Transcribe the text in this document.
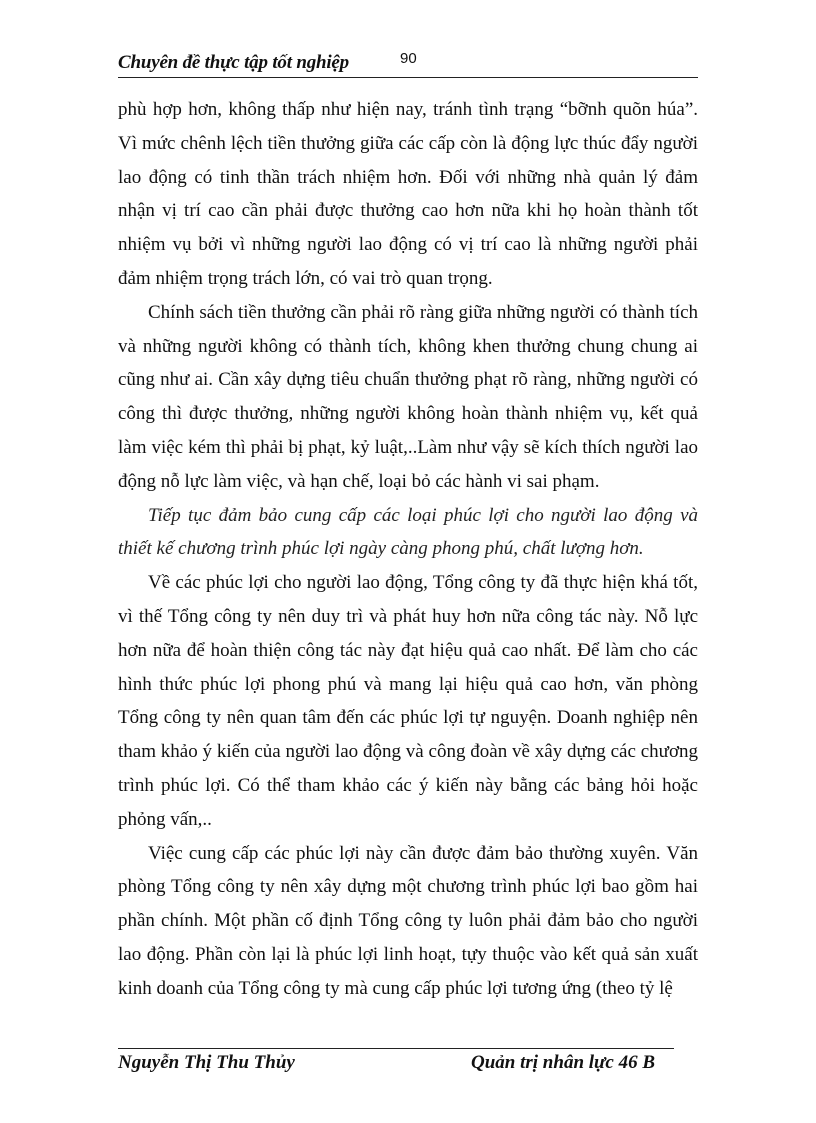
Chuyên đề thực tập tốt nghiệp	90

phù hợp hơn, không thấp như hiện nay, tránh tình trạng “bỡnh quõn húa”. Vì mức chênh lệch tiền thưởng giữa các cấp còn là động lực thúc đẩy người lao động có tinh thần trách nhiệm hơn. Đối với những nhà quản lý đảm nhận vị trí cao cần phải được thưởng cao hơn nữa khi họ hoàn thành tốt nhiệm vụ bởi vì những người lao động có vị trí cao là những người phải đảm nhiệm trọng trách lớn, có vai trò quan trọng.

Chính sách tiền thưởng cần phải rõ ràng giữa những người có thành tích và những người không có thành tích, không khen thưởng chung chung ai cũng như ai. Cần xây dựng tiêu chuẩn thưởng phạt rõ ràng, những người có công thì được thưởng, những người không hoàn thành nhiệm vụ, kết quả làm việc kém thì phải bị phạt, kỷ luật,..Làm như vậy sẽ kích thích người lao động nỗ lực làm việc, và hạn chế, loại bỏ các hành vi sai phạm.

Tiếp tục đảm bảo cung cấp các loại phúc lợi cho người lao động và thiết kế chương trình phúc lợi ngày càng phong phú, chất lượng hơn.

Về các phúc lợi cho người lao động, Tổng công ty đã thực hiện khá tốt, vì thế Tổng công ty nên duy trì và phát huy hơn nữa công tác này. Nỗ lực hơn nữa để hoàn thiện công tác này đạt hiệu quả cao nhất. Để làm cho các hình thức phúc lợi phong phú và mang lại hiệu quả cao hơn, văn phòng Tổng công ty nên quan tâm đến các phúc lợi tự nguyện. Doanh nghiệp nên tham khảo ý kiến của người lao động và công đoàn về xây dựng các chương trình phúc lợi. Có thể tham khảo các ý kiến này bằng các bảng hỏi hoặc phỏng vấn,..

Việc cung cấp các phúc lợi này cần được đảm bảo thường xuyên. Văn phòng Tổng công ty nên xây dựng một chương trình phúc lợi bao gồm hai phần chính. Một phần cố định Tổng công ty luôn phải đảm bảo cho người lao động. Phần còn lại là phúc lợi linh hoạt, tựy thuộc vào kết quả sản xuất kinh doanh của Tổng công ty mà cung cấp phúc lợi tương ứng (theo tỷ lệ

Nguyễn Thị Thu Thủy	Quản trị nhân lực 46 B
